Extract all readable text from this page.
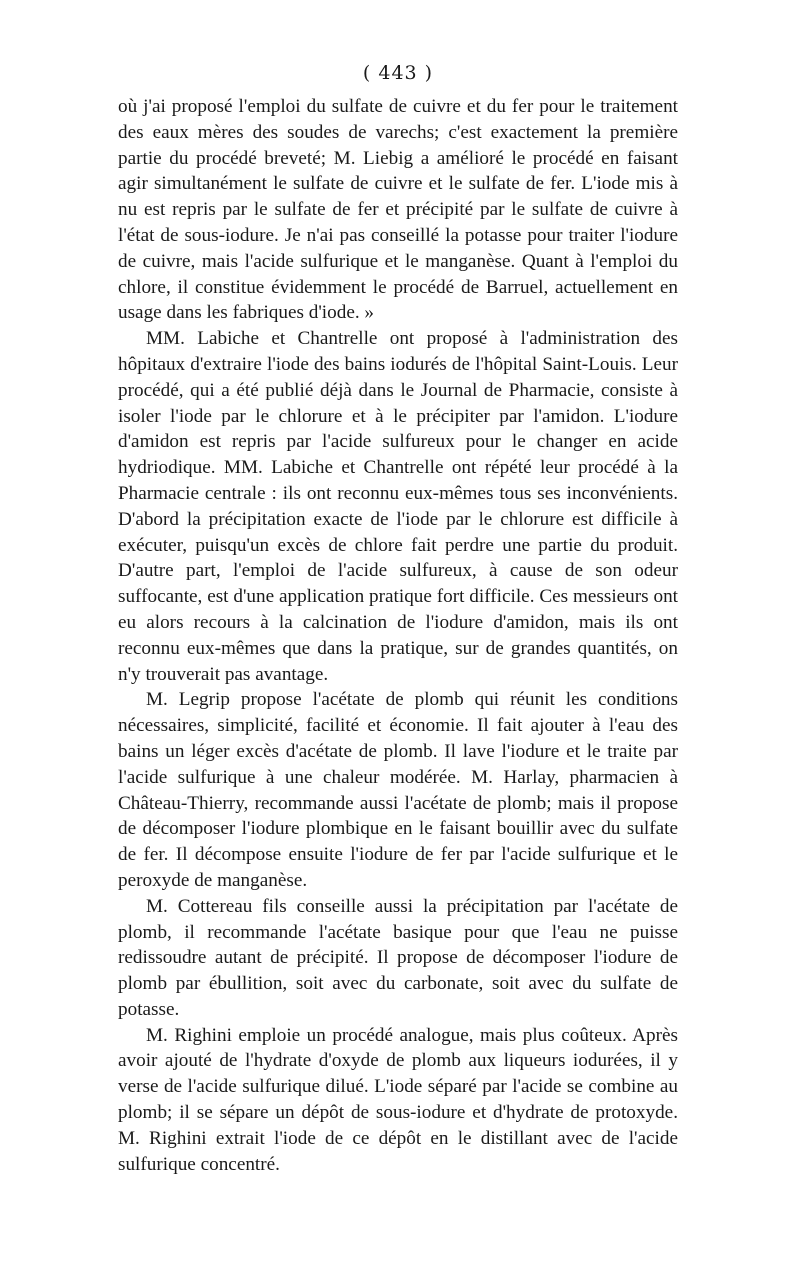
( 443 )

où j'ai proposé l'emploi du sulfate de cuivre et du fer pour le traitement des eaux mères des soudes de varechs; c'est exactement la première partie du procédé breveté; M. Liebig a amélioré le procédé en faisant agir simultanément le sulfate de cuivre et le sulfate de fer. L'iode mis à nu est repris par le sulfate de fer et précipité par le sulfate de cuivre à l'état de sous-iodure. Je n'ai pas conseillé la potasse pour traiter l'iodure de cuivre, mais l'acide sulfurique et le manganèse. Quant à l'emploi du chlore, il constitue évidemment le procédé de Barruel, actuellement en usage dans les fabriques d'iode. »

MM. Labiche et Chantrelle ont proposé à l'administration des hôpitaux d'extraire l'iode des bains iodurés de l'hôpital Saint-Louis. Leur procédé, qui a été publié déjà dans le Journal de Pharmacie, consiste à isoler l'iode par le chlorure et à le précipiter par l'amidon. L'iodure d'amidon est repris par l'acide sulfureux pour le changer en acide hydriodique. MM. Labiche et Chantrelle ont répété leur procédé à la Pharmacie centrale : ils ont reconnu eux-mêmes tous ses inconvénients. D'abord la précipitation exacte de l'iode par le chlorure est difficile à exécuter, puisqu'un excès de chlore fait perdre une partie du produit. D'autre part, l'emploi de l'acide sulfureux, à cause de son odeur suffocante, est d'une application pratique fort difficile. Ces messieurs ont eu alors recours à la calcination de l'iodure d'amidon, mais ils ont reconnu eux-mêmes que dans la pratique, sur de grandes quantités, on n'y trouverait pas avantage.

M. Legrip propose l'acétate de plomb qui réunit les conditions nécessaires, simplicité, facilité et économie. Il fait ajouter à l'eau des bains un léger excès d'acétate de plomb. Il lave l'iodure et le traite par l'acide sulfurique à une chaleur modérée. M. Harlay, pharmacien à Château-Thierry, recommande aussi l'acétate de plomb; mais il propose de décomposer l'iodure plombique en le faisant bouillir avec du sulfate de fer. Il décompose ensuite l'iodure de fer par l'acide sulfurique et le peroxyde de manganèse.

M. Cottereau fils conseille aussi la précipitation par l'acétate de plomb, il recommande l'acétate basique pour que l'eau ne puisse redissoudre autant de précipité. Il propose de décomposer l'iodure de plomb par ébullition, soit avec du carbonate, soit avec du sulfate de potasse.

M. Righini emploie un procédé analogue, mais plus coûteux. Après avoir ajouté de l'hydrate d'oxyde de plomb aux liqueurs iodurées, il y verse de l'acide sulfurique dilué. L'iode séparé par l'acide se combine au plomb; il se sépare un dépôt de sous-iodure et d'hydrate de protoxyde. M. Righini extrait l'iode de ce dépôt en le distillant avec de l'acide sulfurique concentré.
